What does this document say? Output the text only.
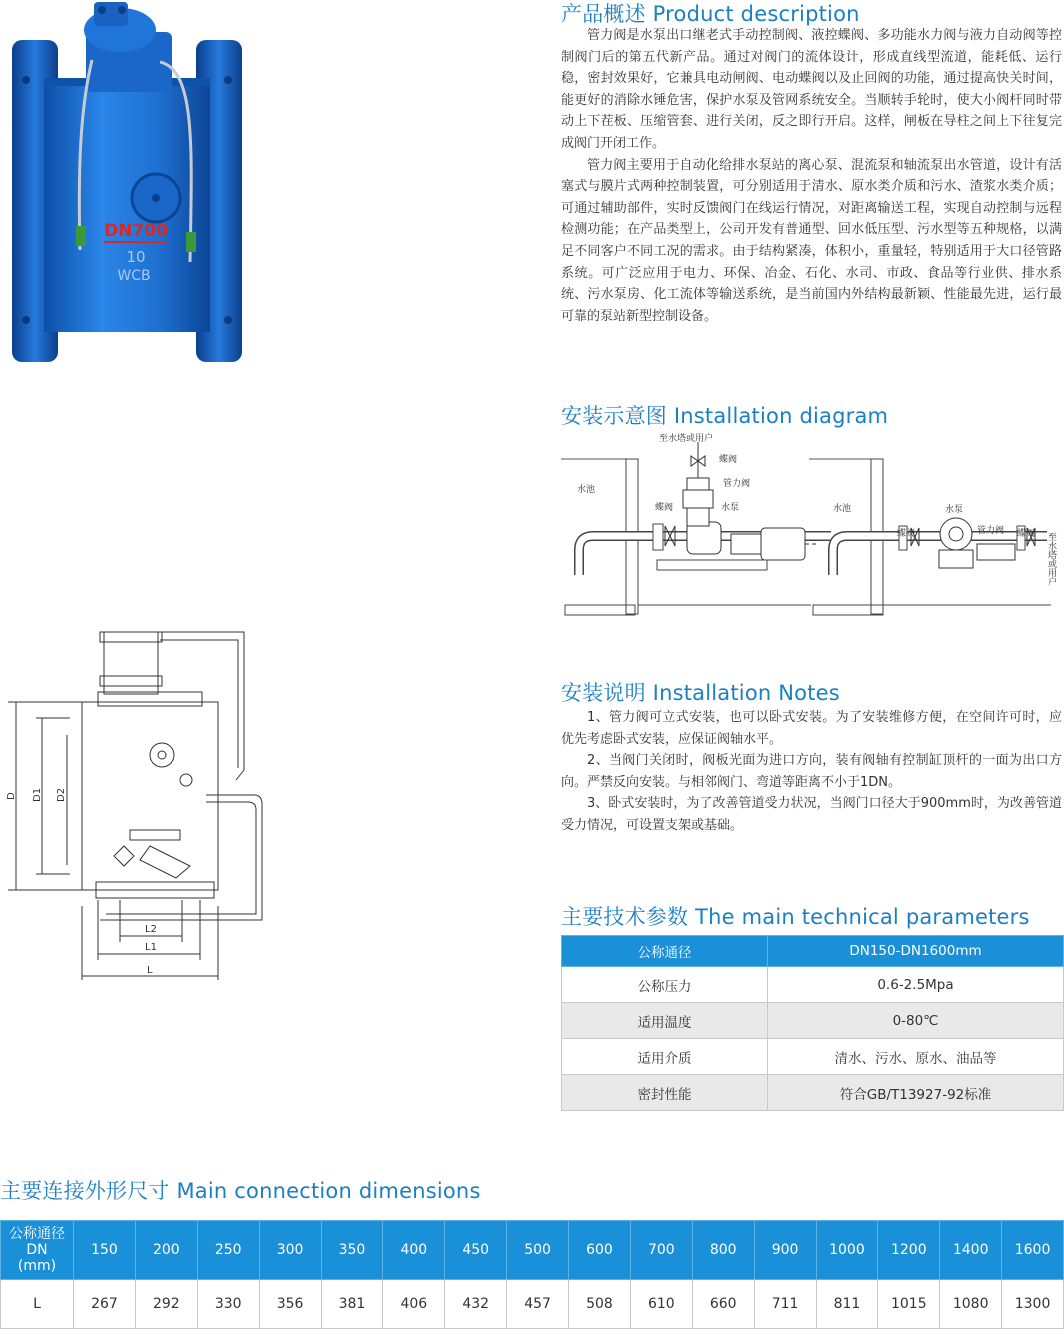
DN700
10
WCB
产品概述 Product description

管力阀是水泵出口继老式手动控制阀、液控蝶阀、多功能水力阀与液力自动阀等控制阀门后的第五代新产品。通过对阀门的流体设计，形成直线型流道，能耗低、运行稳，密封效果好，它兼具电动闸阀、电动蝶阀以及止回阀的功能，通过提高快关时间，能更好的消除水锤危害，保护水泵及管网系统安全。当顺转手轮时，使大小阀杆同时带动上下茬板、压缩管套、进行关闭，反之即行开启。这样，闸板在导柱之间上下往复完成阀门开闭工作。

管力阀主要用于自动化给排水泵站的离心泵、混流泵和轴流泵出水管道，设计有活塞式与膜片式两种控制装置，可分别适用于清水、原水类介质和污水、渣浆水类介质；可通过辅助部件，实时反馈阀门在线运行情况，对距离输送工程，实现自动控制与远程检测功能；在产品类型上，公司开发有普通型、回水低压型、污水型等五种规格，以满足不同客户不同工况的需求。由于结构紧凑，体积小，重量轻，特别适用于大口径管路系统。可广泛应用于电力、环保、冶金、石化、水司、市政、食品等行业供、排水系统、污水泵房、化工流体等输送系统，是当前国内外结构最新颖、性能最先进，运行最可靠的泵站新型控制设备。

安装示意图 Installation diagram
至水塔或用户
蝶阀
管力阀
水池
蝶阀	水泵	水池	水泵
蝶阀	管力阀 蝶阀 至水塔或用户
D D1 D2
L2
L1
L
安装说明 Installation Notes

1、管力阀可立式安装，也可以卧式安装。为了安装维修方便，在空间许可时，应优先考虑卧式安装，应保证阀轴水平。

2、当阀门关闭时，阀板光面为进口方向，装有阀轴有控制缸顶杆的一面为出口方向。严禁反向安装。与相邻阀门、弯道等距离不小于1DN。

3、卧式安装时，为了改善管道受力状况，当阀门口径大于900mm时，为改善管道受力情况，可设置支架或基础。

主要技术参数 The main technical parameters
公称通径	DN150-DN1600mm
公称压力	0.6-2.5Mpa
适用温度	0-80℃
适用介质	清水、污水、原水、油品等
密封性能	符合GB/T13927-92标准
主要连接外形尺寸 Main connection dimensions
公称通径
DN
(mm)	150	200	250	300	350	400	450	500	600	700	800	900	1000	1200	1400	1600
L	267	292	330	356	381	406	432	457	508	610	660	711	811	1015	1080	1300
